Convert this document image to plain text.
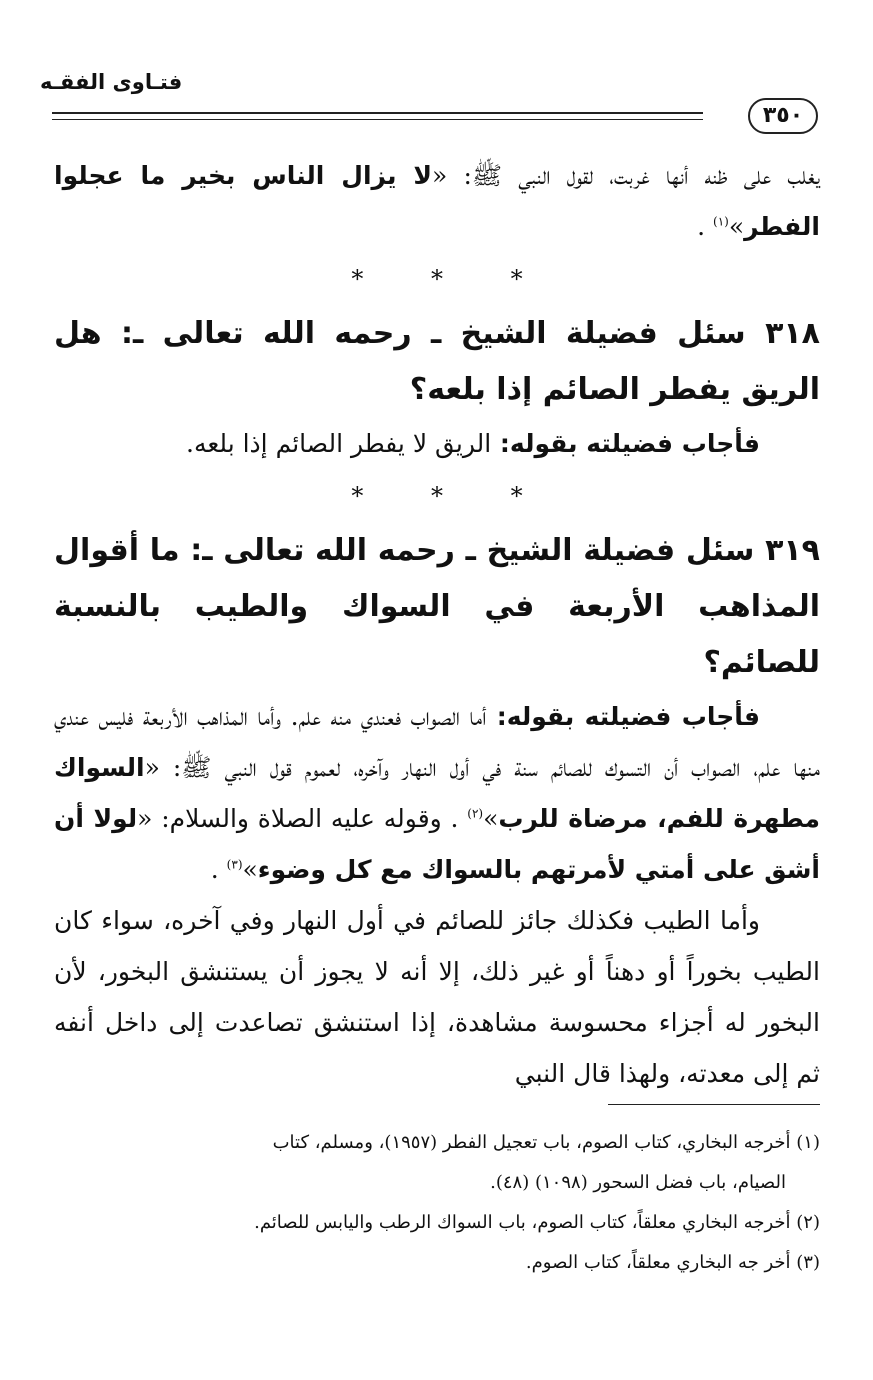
فتـاوى الفقـه
٣٥٠

يغلب على ظنه أنها غربت، لقول النبي ﷺ: «لا يزال الناس بخير ما عجلوا الفطر»$^{(١)}$ .

* * *

٣١٨ سئل فضيلة الشيخ ـ رحمه الله تعالى ـ: هل الريق يفطر الصائم إذا بلعه؟

فأجاب فضيلته بقوله: الريق لا يفطر الصائم إذا بلعه.

* * *

٣١٩ سئل فضيلة الشيخ ـ رحمه الله تعالى ـ: ما أقوال المذاهب الأربعة في السواك والطيب بالنسبة للصائم؟

فأجاب فضيلته بقوله: أما الصواب فعندي منه علم. وأما المذاهب الأربعة فليس عندي منها علم، الصواب أن التسوك للصائم سنة في أول النهار وآخره، لعموم قول النبي ﷺ: «السواك مطهرة للفم، مرضاة للرب»$^{(٢)}$ . وقوله عليه الصلاة والسلام: «لولا أن أشق على أمتي لأمرتهم بالسواك مع كل وضوء»$^{(٣)}$ .

وأما الطيب فكذلك جائز للصائم في أول النهار وفي آخره، سواء كان الطيب بخوراً أو دهناً أو غير ذلك، إلا أنه لا يجوز أن يستنشق البخور، لأن البخور له أجزاء محسوسة مشاهدة، إذا استنشق تصاعدت إلى داخل أنفه ثم إلى معدته، ولهذا قال النبي

(١) أخرجه البخاري، كتاب الصوم، باب تعجيل الفطر (١٩٥٧)، ومسلم، كتاب

الصيام، باب فضل السحور (١٠٩٨) (٤٨).

(٢) أخرجه البخاري معلقاً، كتاب الصوم، باب السواك الرطب واليابس للصائم.

(٣) أخر جه البخاري معلقاً، كتاب الصوم.
